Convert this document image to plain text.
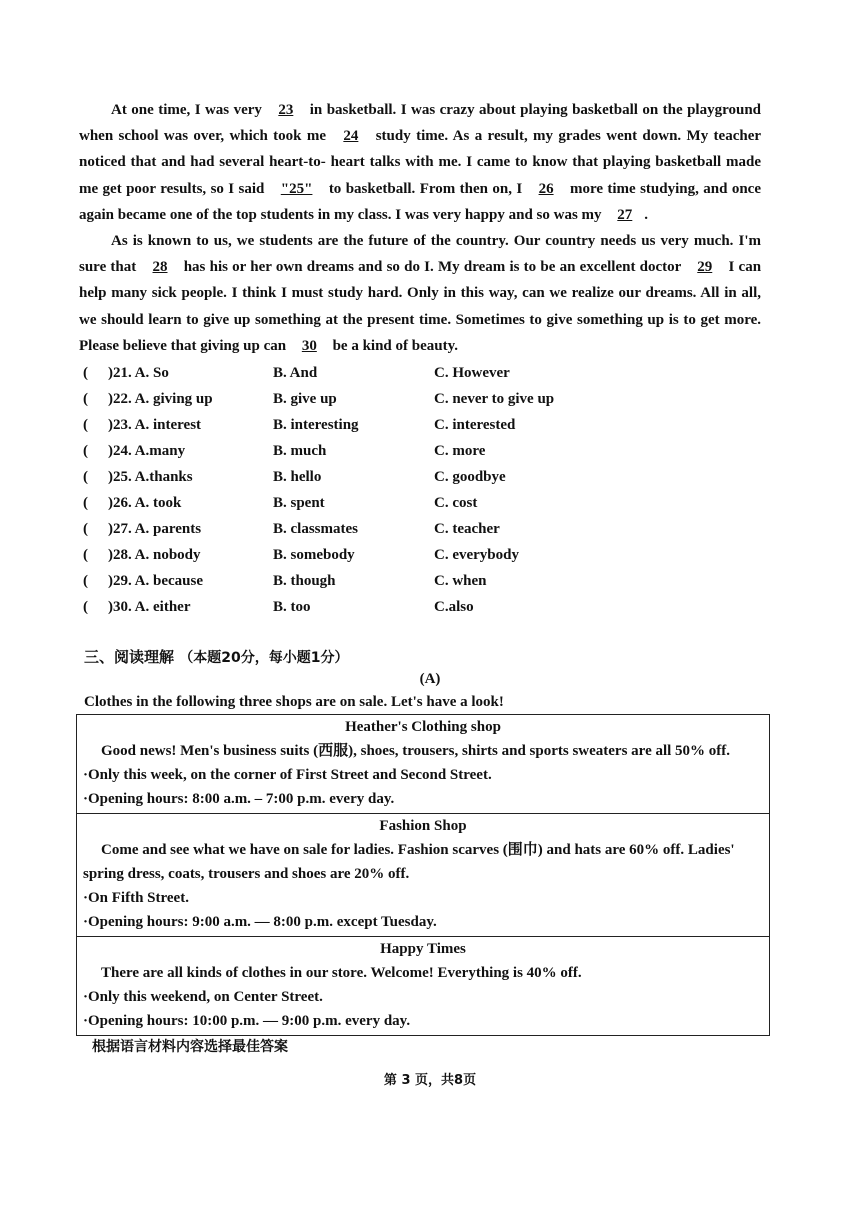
At one time, I was very 23 in basketball. I was crazy about playing basketball on the playground when school was over, which took me 24 study time. As a result, my grades went down. My teacher noticed that and had several heart-to- heart talks with me. I came to know that playing basketball made me get poor results, so I said "25" to basketball. From then on, I 26 more time studying, and once again became one of the top students in my class. I was very happy and so was my 27 .

As is known to us, we students are the future of the country. Our country needs us very much. I'm sure that 28 has his or her own dreams and so do I. My dream is to be an excellent doctor 29 I can help many sick people. I think I must study hard. Only in this way, can we realize our dreams. All in all, we should learn to give up something at the present time. Sometimes to give something up is to get more. Please believe that giving up can 30 be a kind of beauty.

( )21. A. So	B. And	C. However
( )22. A. giving up	B. give up	C. never to give up
( )23. A. interest	B. interesting	C. interested
( )24. A.many	B. much	C. more
( )25. A.thanks	B. hello	C. goodbye
( )26. A. took	B. spent	C. cost
( )27. A. parents	B. classmates	C. teacher
( )28. A. nobody	B. somebody	C. everybody
( )29. A. because	B. though	C. when
( )30. A. either	B. too	C.also
三、阅读理解 （本题20分，每小题1分）
(A)
Clothes in the following three shops are on sale. Let's have a look!
Heather's Clothing shop

Good news! Men's business suits (西服), shoes, trousers, shirts and sports sweaters are all 50% off.

·Only this week, on the corner of First Street and Second Street.

·Opening hours: 8:00 a.m. – 7:00 p.m. every day.

Fashion Shop

Come and see what we have on sale for ladies. Fashion scarves (围巾) and hats are 60% off. Ladies' spring dress, coats, trousers and shoes are 20% off.

·On Fifth Street.

·Opening hours: 9:00 a.m. — 8:00 p.m. except Tuesday.

Happy Times

There are all kinds of clothes in our store. Welcome! Everything is 40% off.

·Only this weekend, on Center Street.

·Opening hours: 10:00 p.m. — 9:00 p.m. every day.

根据语言材料内容选择最佳答案
第 3 页，共8页
